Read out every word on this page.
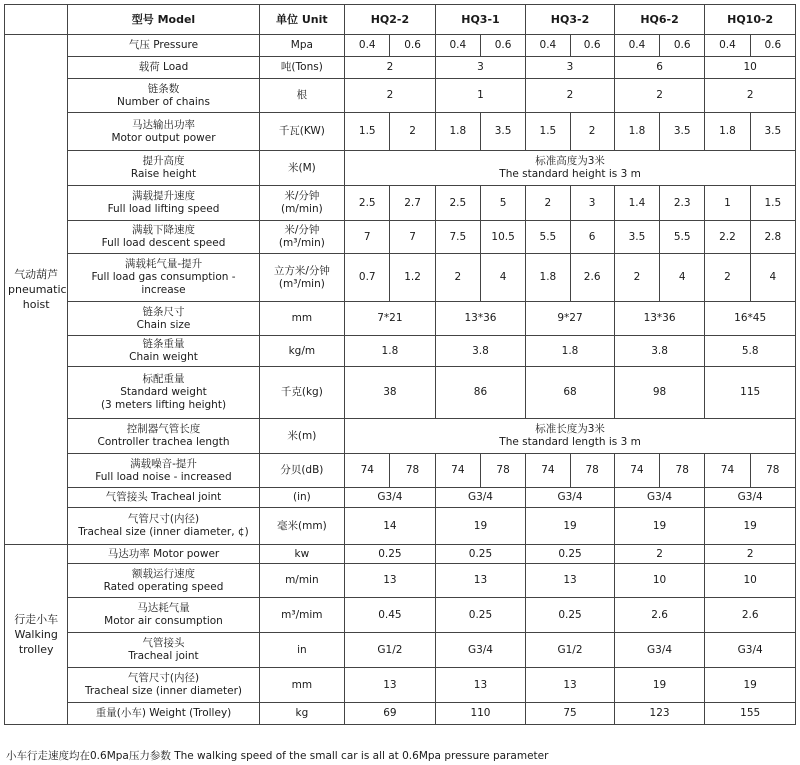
	型号 Model	单位 Unit	HQ2-2		HQ3-1		HQ3-2		HQ6-2		HQ10-2	

气动葫芦
pneumatic
hoist	气压 Pressure	Mpa	0.4	0.6	0.4	0.6	0.4	0.6	0.4	0.6	0.4	0.6

	载荷 Load	吨(Tons)	2		3		3		6		10	

	链条数
Number of chains	根	2		1		2		2		2	

	马达输出功率
Motor output power	千瓦(KW)	1.5	2	1.8	3.5	1.5	2	1.8	3.5	1.8	3.5

	提升高度
Raise height	米(M)	标准高度为3米
The standard height is 3 m									

	满载提升速度
Full load lifting speed	米/分钟
(m/min)	2.5	2.7	2.5	5	2	3	1.4	2.3	1	1.5

	满载下降速度
Full load descent speed	米/分钟
(m³/min)	7	7	7.5	10.5	5.5	6	3.5	5.5	2.2	2.8

	满载耗气量-提升
Full load gas consumption -
increase	立方米/分钟
(m³/min)	0.7	1.2	2	4	1.8	2.6	2	4	2	4

	链条尺寸
Chain size	mm	7*21		13*36		9*27		13*36		16*45	

	链条重量
Chain weight	kg/m	1.8		3.8		1.8		3.8		5.8	

	标配重量
Standard weight
(3 meters lifting height)	千克(kg)	38		86		68		98		115	

	控制器气管长度
Controller trachea length	米(m)	标准长度为3米
The standard length is 3 m									

	满载噪音-提升
Full load noise - increased	分贝(dB)	74	78	74	78	74	78	74	78	74	78

	气管接头 Tracheal joint	(in)	G3/4		G3/4		G3/4		G3/4		G3/4	

	气管尺寸(内径)
Tracheal size (inner diameter, ¢)	毫米(mm)	14		19		19		19		19	

行走小车
Walking
trolley	马达功率 Motor power	kw	0.25		0.25		0.25		2		2	

	额载运行速度
Rated operating speed	m/min	13		13		13		10		10	

	马达耗气量
Motor air consumption	m³/mim	0.45		0.25		0.25		2.6		2.6	

	气管接头
Tracheal joint	in	G1/2		G3/4		G1/2		G3/4		G3/4	

	气管尺寸(内径)
Tracheal size (inner diameter)	mm	13		13		13		19		19	

	重量(小车) Weight (Trolley)	kg	69		110		75		123		155	
小车行走速度均在0.6Mpa压力参数 The walking speed of the small car is all at 0.6Mpa pressure parameter
